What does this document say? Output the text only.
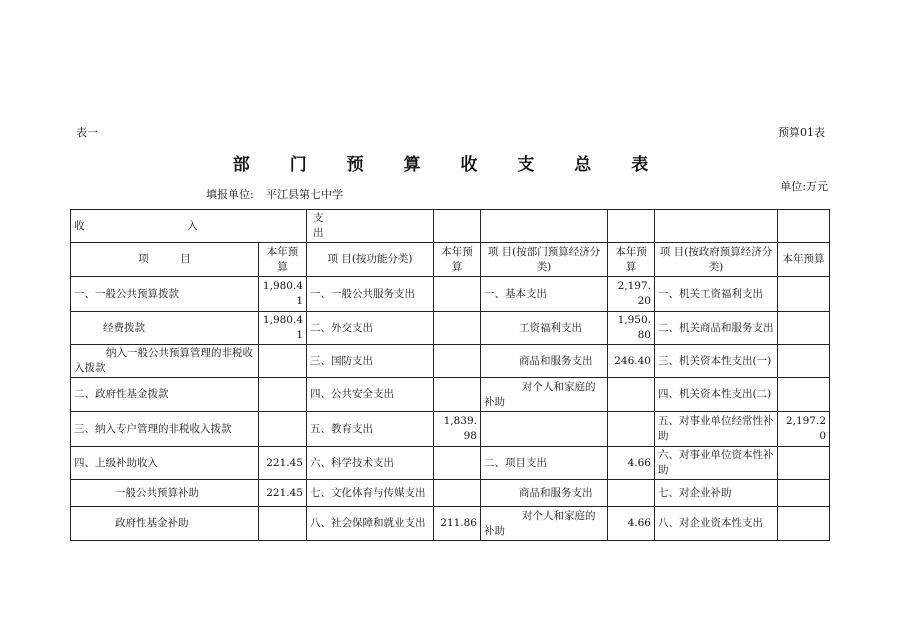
表一	预算01表
部 门 预 算 收 支 总 表
填报单位: 平江县第七中学
单位:万元
收 入		支出					
项　　　目	本年预算	项 目(按功能分类)	本年预算	项 目(按部门预算经济分类)	本年预算	项 目(按政府预算经济分类)	本年预算
一、一般公共预算拨款	1,980.41	一、一般公共服务支出		一、基本支出	2,197.20	一、机关工资福利支出	
经费拨款	1,980.41	二、外交支出		工资福利支出	1,950.80	二、机关商品和服务支出	
纳入一般公共预算管理的非税收入拨款		三、国防支出		商品和服务支出	246.40	三、机关资本性支出(一)	
二、政府性基金拨款		四、公共安全支出		对个人和家庭的补助		四、机关资本性支出(二)	
三、纳入专户管理的非税收入拨款		五、教育支出	1,839.98			五、对事业单位经常性补助	2,197.20
四、上级补助收入	221.45	六、科学技术支出		二、项目支出	4.66	六、对事业单位资本性补助	
一般公共预算补助	221.45	七、文化体育与传媒支出		商品和服务支出		七、对企业补助	
政府性基金补助		八、社会保障和就业支出	211.86	对个人和家庭的补助	4.66	八、对企业资本性支出	
